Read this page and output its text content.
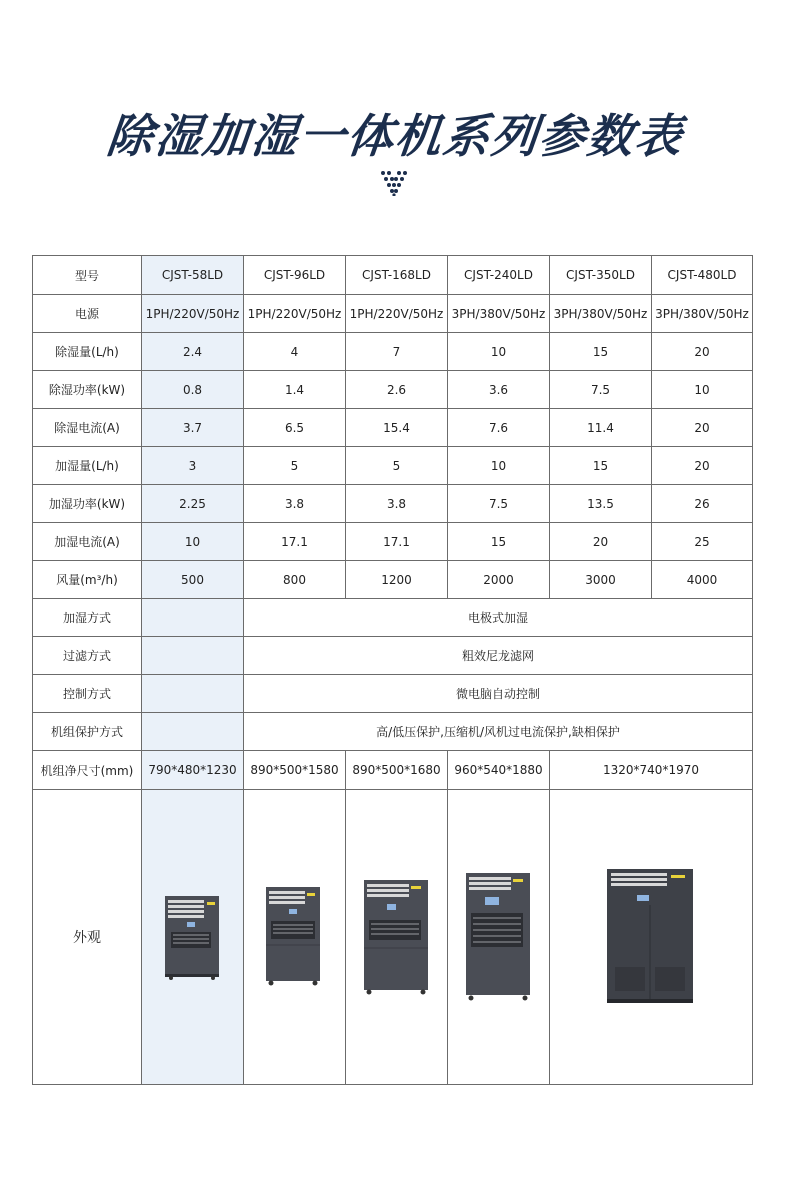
除湿加湿一体机系列参数表
型号	CJST-58LD	CJST-96LD	CJST-168LD	CJST-240LD	CJST-350LD	CJST-480LD
电源	1PH/220V/50Hz	1PH/220V/50Hz	1PH/220V/50Hz	3PH/380V/50Hz	3PH/380V/50Hz	3PH/380V/50Hz
除湿量(L/h)	2.4	4	7	10	15	20
除湿功率(kW)	0.8	1.4	2.6	3.6	7.5	10
除湿电流(A)	3.7	6.5	15.4	7.6	11.4	20
加湿量(L/h)	3	5	5	10	15	20
加湿功率(kW)	2.25	3.8	3.8	7.5	13.5	26
加湿电流(A)	10	17.1	17.1	15	20	25
风量(m³/h)	500	800	1200	2000	3000	4000
加湿方式		电极式加湿				
过滤方式		粗效尼龙滤网				
控制方式		微电脑自动控制				
机组保护方式		高/低压保护,压缩机/风机过电流保护,缺相保护				
机组净尺寸(mm)	790*480*1230	890*500*1580	890*500*1680	960*540*1880	1320*740*1970	
外观	
